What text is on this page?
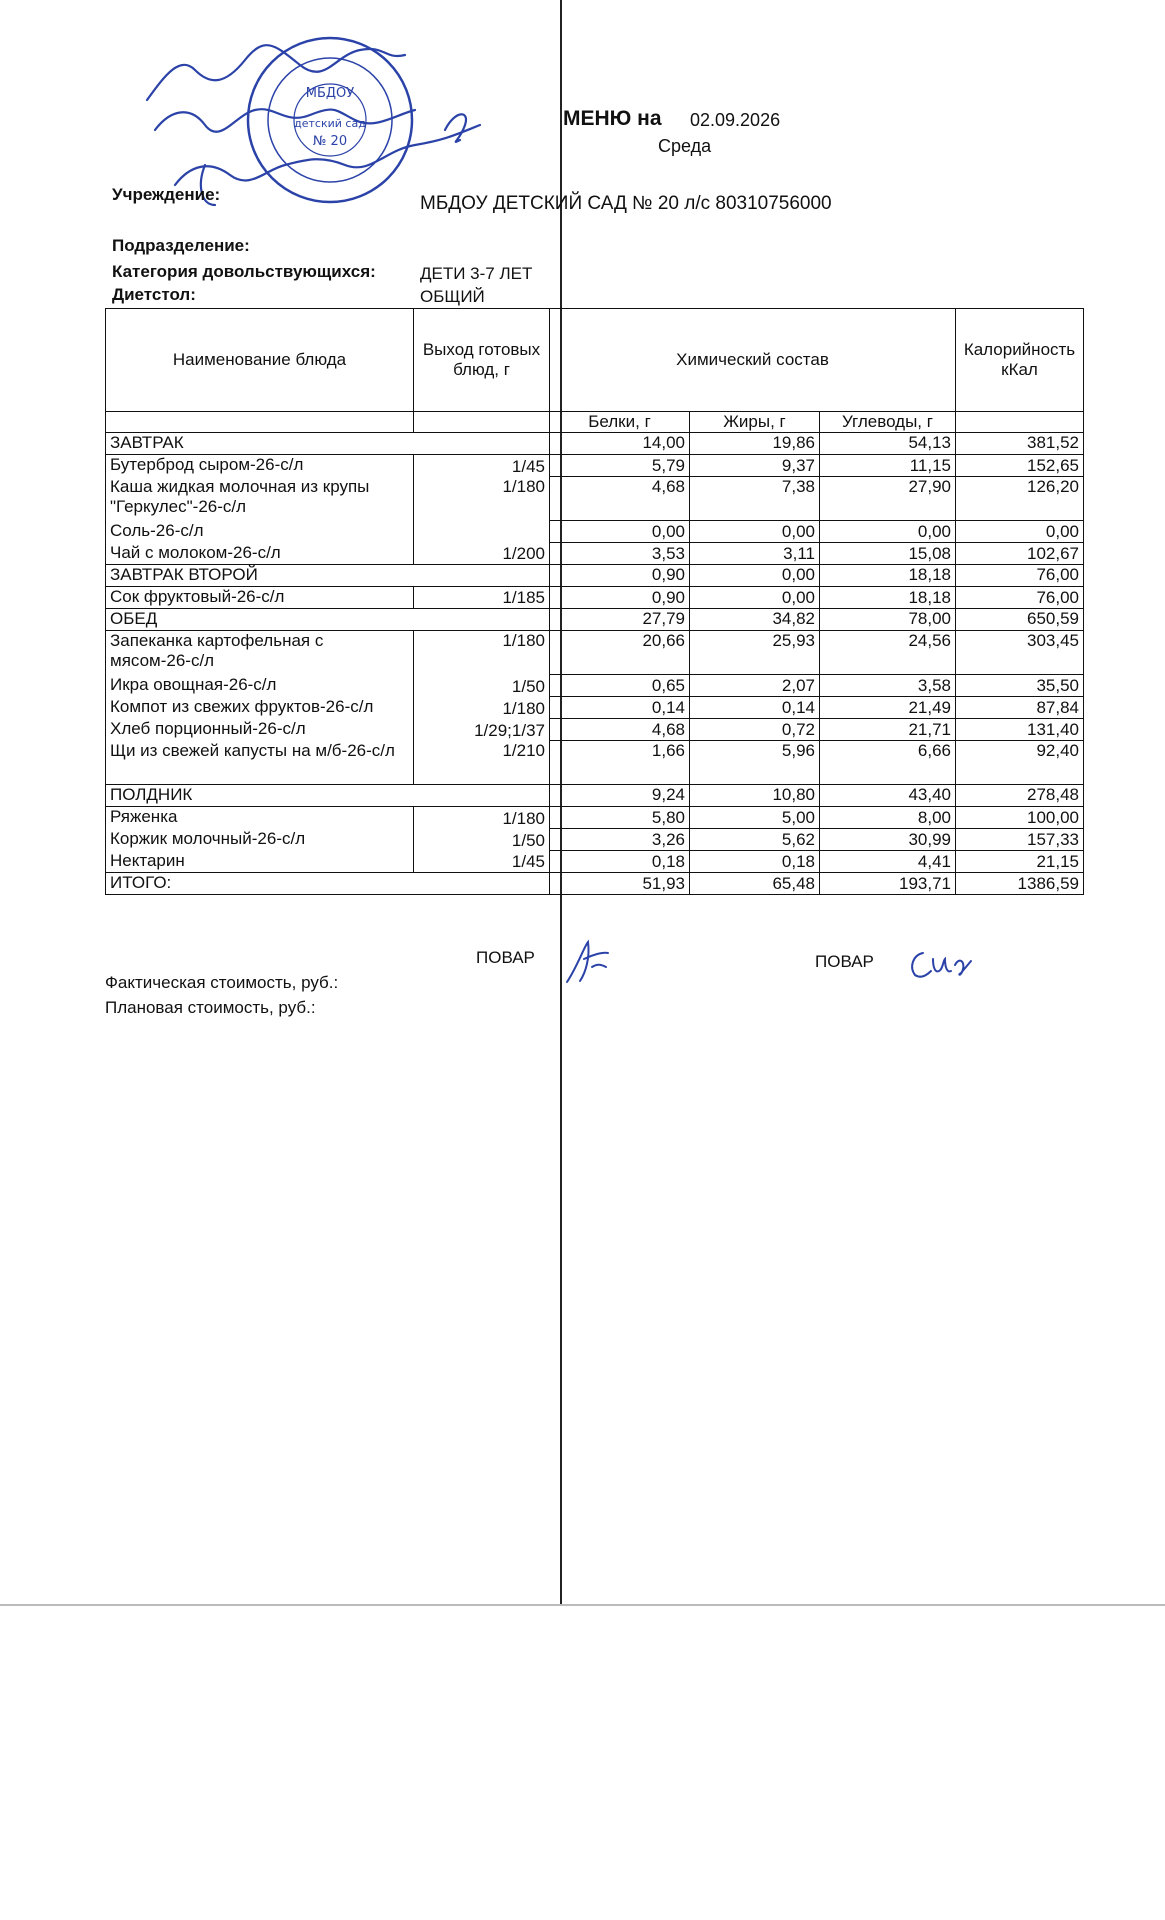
МБДОУ
детский сад
№ 20
МЕНЮ на 02.09.2026
Среда
Учреждение:	МБДОУ ДЕТСКИЙ САД № 20 л/с 80310756000
Подразделение:
Категория довольствующихся:	ДЕТИ 3-7 ЛЕТ
Диетстол:	ОБЩИЙ
Наименование блюда	Выход готовых блюд, г	Химический состав			Калорийность кКал
		Белки, г	Жиры, г	Углеводы, г	
ЗАВТРАК		14,00	19,86	54,13	381,52
Бутерброд сыром-26-с/л	1/45	5,79	9,37	11,15	152,65
Каша жидкая молочная из крупы "Геркулес"-26-с/л	1/180	4,68	7,38	27,90	126,20
Соль-26-с/л		0,00	0,00	0,00	0,00
Чай с молоком-26-с/л	1/200	3,53	3,11	15,08	102,67
ЗАВТРАК ВТОРОЙ		0,90	0,00	18,18	76,00
Сок фруктовый-26-с/л	1/185	0,90	0,00	18,18	76,00
ОБЕД		27,79	34,82	78,00	650,59
Запеканка картофельная с мясом-26-с/л	1/180	20,66	25,93	24,56	303,45
Икра овощная-26-с/л	1/50	0,65	2,07	3,58	35,50
Компот из свежих фруктов-26-с/л	1/180	0,14	0,14	21,49	87,84
Хлеб порционный-26-с/л	1/29;1/37	4,68	0,72	21,71	131,40
Щи из свежей капусты на м/б-26-с/л	1/210	1,66	5,96	6,66	92,40
ПОЛДНИК		9,24	10,80	43,40	278,48
Ряженка	1/180	5,80	5,00	8,00	100,00
Коржик молочный-26-с/л	1/50	3,26	5,62	30,99	157,33
Нектарин	1/45	0,18	0,18	4,41	21,15
ИТОГО:		51,93	65,48	193,71	1386,59
ПОВАР	ПОВАР
Фактическая стоимость, руб.:
Плановая стоимость, руб.:
